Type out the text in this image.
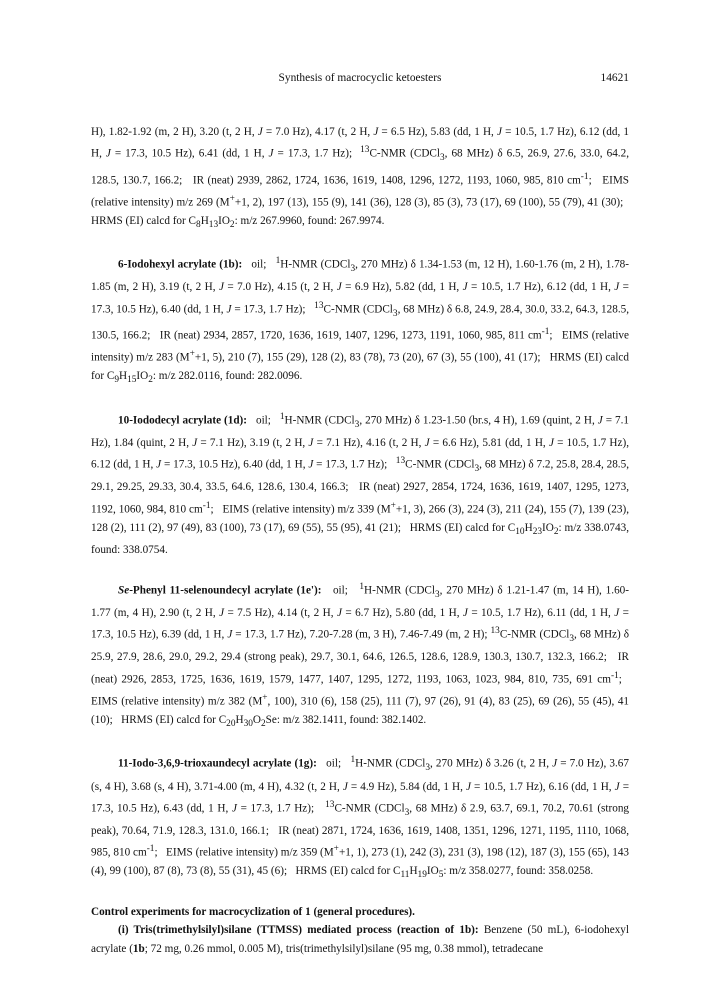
Synthesis of macrocyclic ketoesters	14621

H), 1.82-1.92 (m, 2 H), 3.20 (t, 2 H, J = 7.0 Hz), 4.17 (t, 2 H, J = 6.5 Hz), 5.83 (dd, 1 H, J = 10.5, 1.7 Hz), 6.12 (dd, 1 H, J = 17.3, 10.5 Hz), 6.41 (dd, 1 H, J = 17.3, 1.7 Hz);  $^{13}$C-NMR (CDCl$_3$, 68 MHz) δ 6.5, 26.9, 27.6, 33.0, 64.2, 128.5, 130.7, 166.2;   IR (neat) 2939, 2862, 1724, 1636, 1619, 1408, 1296, 1272, 1193, 1060, 985, 810 $cm^{-1}$;   EIMS (relative intensity) m/z 269 (M++1, 2), 197 (13), 155 (9), 141 (36), 128 (3), 85 (3), 73 (17), 69 (100), 55 (79), 41 (30);   HRMS (EI) calcd for $C_8H_{13}IO_2$: m/z 267.9960, found: 267.9974.

6-Iodohexyl acrylate (1b):   oil;   $^1$H-NMR (CDCl$_3$, 270 MHz) δ 1.34-1.53 (m, 12 H), 1.60-1.76 (m, 2 H), 1.78-1.85 (m, 2 H), 3.19 (t, 2 H, J = 7.0 Hz), 4.15 (t, 2 H, J = 6.9 Hz), 5.82 (dd, 1 H, J = 10.5, 1.7 Hz), 6.12 (dd, 1 H, J = 17.3, 10.5 Hz), 6.40 (dd, 1 H, J = 17.3, 1.7 Hz);   $^{13}$C-NMR (CDCl$_3$, 68 MHz) δ 6.8, 24.9, 28.4, 30.0, 33.2, 64.3, 128.5, 130.5, 166.2;   IR (neat) 2934, 2857, 1720, 1636, 1619, 1407, 1296, 1273, 1191, 1060, 985, 811 $cm^{-1}$;   EIMS (relative intensity) m/z 283 (M++1, 5), 210 (7), 155 (29), 128 (2), 83 (78), 73 (20), 67 (3), 55 (100), 41 (17);   HRMS (EI) calcd for $C_9H_{15}IO_2$: m/z 282.0116, found: 282.0096.

10-Iododecyl acrylate (1d):   oil;   $^1$H-NMR (CDCl$_3$, 270 MHz) δ 1.23-1.50 (br.s, 4 H), 1.69 (quint, 2 H, J = 7.1 Hz), 1.84 (quint, 2 H, J = 7.1 Hz), 3.19 (t, 2 H, J = 7.1 Hz), 4.16 (t, 2 H, J = 6.6 Hz), 5.81 (dd, 1 H, J = 10.5, 1.7 Hz), 6.12 (dd, 1 H, J = 17.3, 10.5 Hz), 6.40 (dd, 1 H, J = 17.3, 1.7 Hz);   $^{13}$C-NMR (CDCl$_3$, 68 MHz) δ 7.2, 25.8, 28.4, 28.5, 29.1, 29.25, 29.33, 30.4, 33.5, 64.6, 128.6, 130.4, 166.3;   IR (neat) 2927, 2854, 1724, 1636, 1619, 1407, 1295, 1273, 1192, 1060, 984, 810 $cm^{-1}$;   EIMS (relative intensity) m/z 339 (M++1, 3), 266 (3), 224 (3), 211 (24), 155 (7), 139 (23), 128 (2), 111 (2), 97 (49), 83 (100), 73 (17), 69 (55), 55 (95), 41 (21);   HRMS (EI) calcd for $C_{10}H_{23}IO_2$: m/z 338.0743, found: 338.0754.

Se-Phenyl 11-selenoundecyl acrylate (1e'):   oil;   $^1$H-NMR (CDCl$_3$, 270 MHz) δ 1.21-1.47 (m, 14 H), 1.60-1.77 (m, 4 H), 2.90 (t, 2 H, J = 7.5 Hz), 4.14 (t, 2 H, J = 6.7 Hz), 5.80 (dd, 1 H, J = 10.5, 1.7 Hz), 6.11 (dd, 1 H, J = 17.3, 10.5 Hz), 6.39 (dd, 1 H, J = 17.3, 1.7 Hz), 7.20-7.28 (m, 3 H), 7.46-7.49 (m, 2 H); $^{13}$C-NMR (CDCl$_3$, 68 MHz) δ 25.9, 27.9, 28.6, 29.0, 29.2, 29.4 (strong peak), 29.7, 30.1, 64.6, 126.5, 128.6, 128.9, 130.3, 130.7, 132.3, 166.2;   IR (neat) 2926, 2853, 1725, 1636, 1619, 1579, 1477, 1407, 1295, 1272, 1193, 1063, 1023, 984, 810, 735, 691 $cm^{-1}$;   EIMS (relative intensity) m/z 382 (M+, 100), 310 (6), 158 (25), 111 (7), 97 (26), 91 (4), 83 (25), 69 (26), 55 (45), 41 (10);   HRMS (EI) calcd for $C_{20}H_{30}O_2Se$: m/z 382.1411, found: 382.1402.

11-Iodo-3,6,9-trioxaundecyl acrylate (1g):   oil;   $^1$H-NMR (CDCl$_3$, 270 MHz) δ 3.26 (t, 2 H, J = 7.0 Hz), 3.67 (s, 4 H), 3.68 (s, 4 H), 3.71-4.00 (m, 4 H), 4.32 (t, 2 H, J = 4.9 Hz), 5.84 (dd, 1 H, J = 10.5, 1.7 Hz), 6.16 (dd, 1 H, J = 17.3, 10.5 Hz), 6.43 (dd, 1 H, J = 17.3, 1.7 Hz);   $^{13}$C-NMR (CDCl$_3$, 68 MHz) δ 2.9, 63.7, 69.1, 70.2, 70.61 (strong peak), 70.64, 71.9, 128.3, 131.0, 166.1;   IR (neat) 2871, 1724, 1636, 1619, 1408, 1351, 1296, 1271, 1195, 1110, 1068, 985, 810 $cm^{-1}$;   EIMS (relative intensity) m/z 359 (M++1, 1), 273 (1), 242 (3), 231 (3), 198 (12), 187 (3), 155 (65), 143 (4), 99 (100), 87 (8), 73 (8), 55 (31), 45 (6);   HRMS (EI) calcd for $C_{11}H_{19}IO_5$: m/z 358.0277, found: 358.0258.

Control experiments for macrocyclization of 1 (general procedures).

(i) Tris(trimethylsilyl)silane (TTMSS) mediated process (reaction of 1b): Benzene (50 mL), 6-iodohexyl acrylate (1b; 72 mg, 0.26 mmol, 0.005 M), tris(trimethylsilyl)silane (95 mg, 0.38 mmol), tetradecane
